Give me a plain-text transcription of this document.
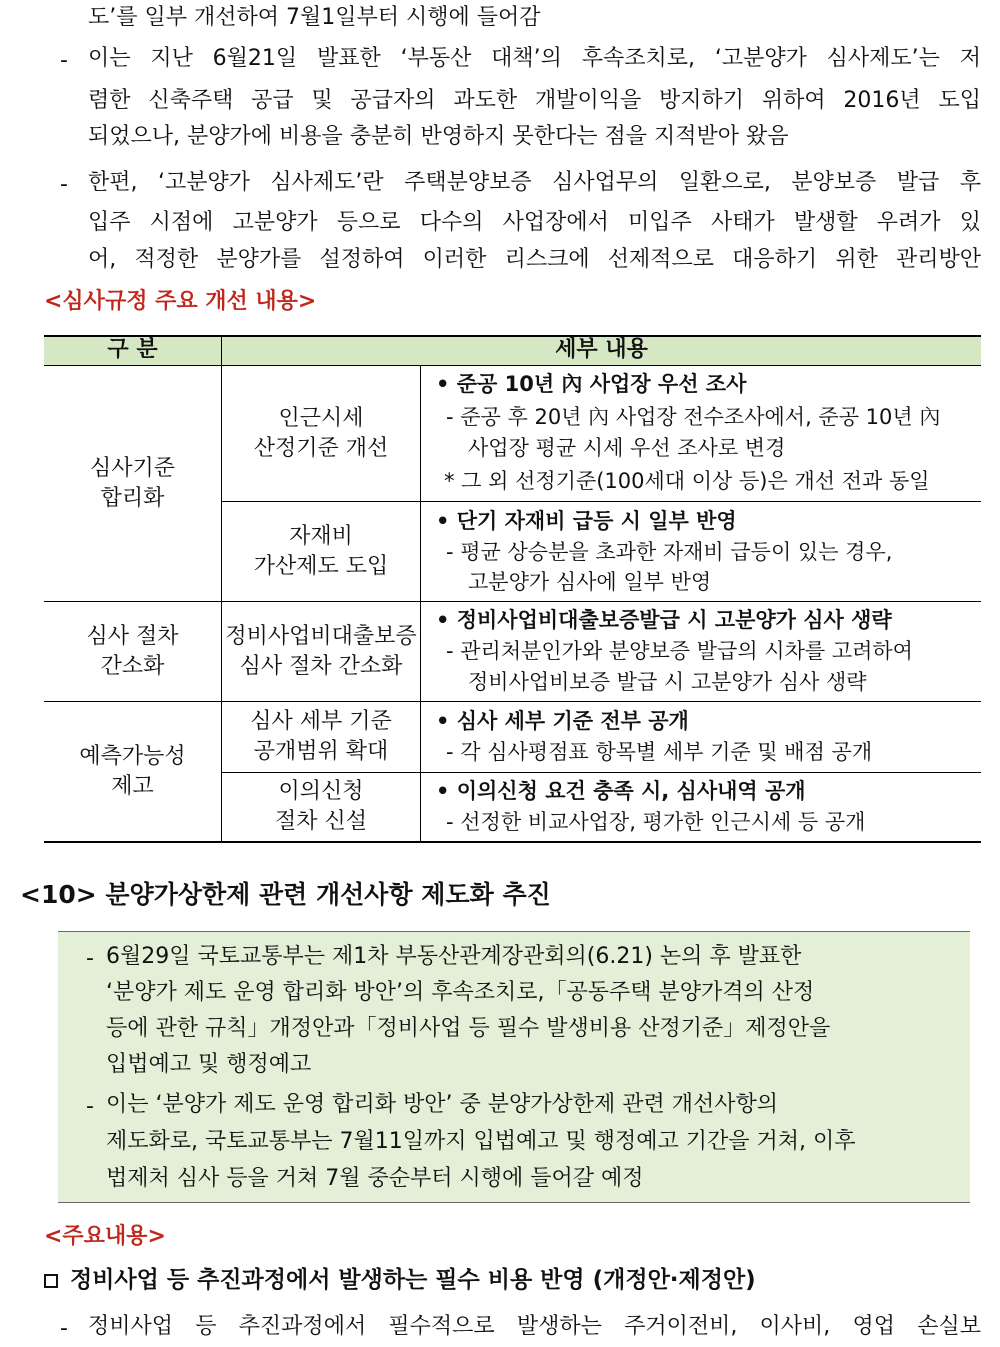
도’를 일부 개선하여 7월1일부터 시행에 들어감
- 이는 지난 6월21일 발표한 ‘부동산 대책’의 후속조치로, ‘고분양가 심사제도’는 저
렴한 신축주택 공급 및 공급자의 과도한 개발이익을 방지하기 위하여 2016년 도입
되었으나, 분양가에 비용을 충분히 반영하지 못한다는 점을 지적받아 왔음
- 한편, ‘고분양가 심사제도’란 주택분양보증 심사업무의 일환으로, 분양보증 발급 후
입주 시점에 고분양가 등으로 다수의 사업장에서 미입주 사태가 발생할 우려가 있
어, 적정한 분양가를 설정하여 이러한 리스크에 선제적으로 대응하기 위한 관리방안
<심사규정 주요 개선 내용>
구 분	세부 내용
심사기준
합리화
인근시세
산정기준 개선
• 준공 10년 內 사업장 우선 조사
- 준공 후 20년 內 사업장 전수조사에서, 준공 10년 內
사업장 평균 시세 우선 조사로 변경
* 그 외 선정기준(100세대 이상 등)은 개선 전과 동일
자재비
가산제도 도입
• 단기 자재비 급등 시 일부 반영
- 평균 상승분을 초과한 자재비 급등이 있는 경우,
고분양가 심사에 일부 반영
심사 절차
간소화
정비사업비대출보증
심사 절차 간소화
• 정비사업비대출보증발급 시 고분양가 심사 생략
- 관리처분인가와 분양보증 발급의 시차를 고려하여
정비사업비보증 발급 시 고분양가 심사 생략
예측가능성
제고
심사 세부 기준
공개범위 확대
• 심사 세부 기준 전부 공개
- 각 심사평점표 항목별 세부 기준 및 배점 공개
이의신청
절차 신설
• 이의신청 요건 충족 시, 심사내역 공개
- 선정한 비교사업장, 평가한 인근시세 등 공개
<10> 분양가상한제 관련 개선사항 제도화 추진
- 6월29일 국토교통부는 제1차 부동산관계장관회의(6.21) 논의 후 발표한
‘분양가 제도 운영 합리화 방안’의 후속조치로,「공동주택 분양가격의 산정
등에 관한 규칙」개정안과「정비사업 등 필수 발생비용 산정기준」제정안을
입법예고 및 행정예고
- 이는 ‘분양가 제도 운영 합리화 방안’ 중 분양가상한제 관련 개선사항의
제도화로, 국토교통부는 7월11일까지 입법예고 및 행정예고 기간을 거쳐, 이후
법제처 심사 등을 거쳐 7월 중순부터 시행에 들어갈 예정
<주요내용>
정비사업 등 추진과정에서 발생하는 필수 비용 반영 (개정안·제정안)
- 정비사업 등 추진과정에서 필수적으로 발생하는 주거이전비, 이사비, 영업 손실보
